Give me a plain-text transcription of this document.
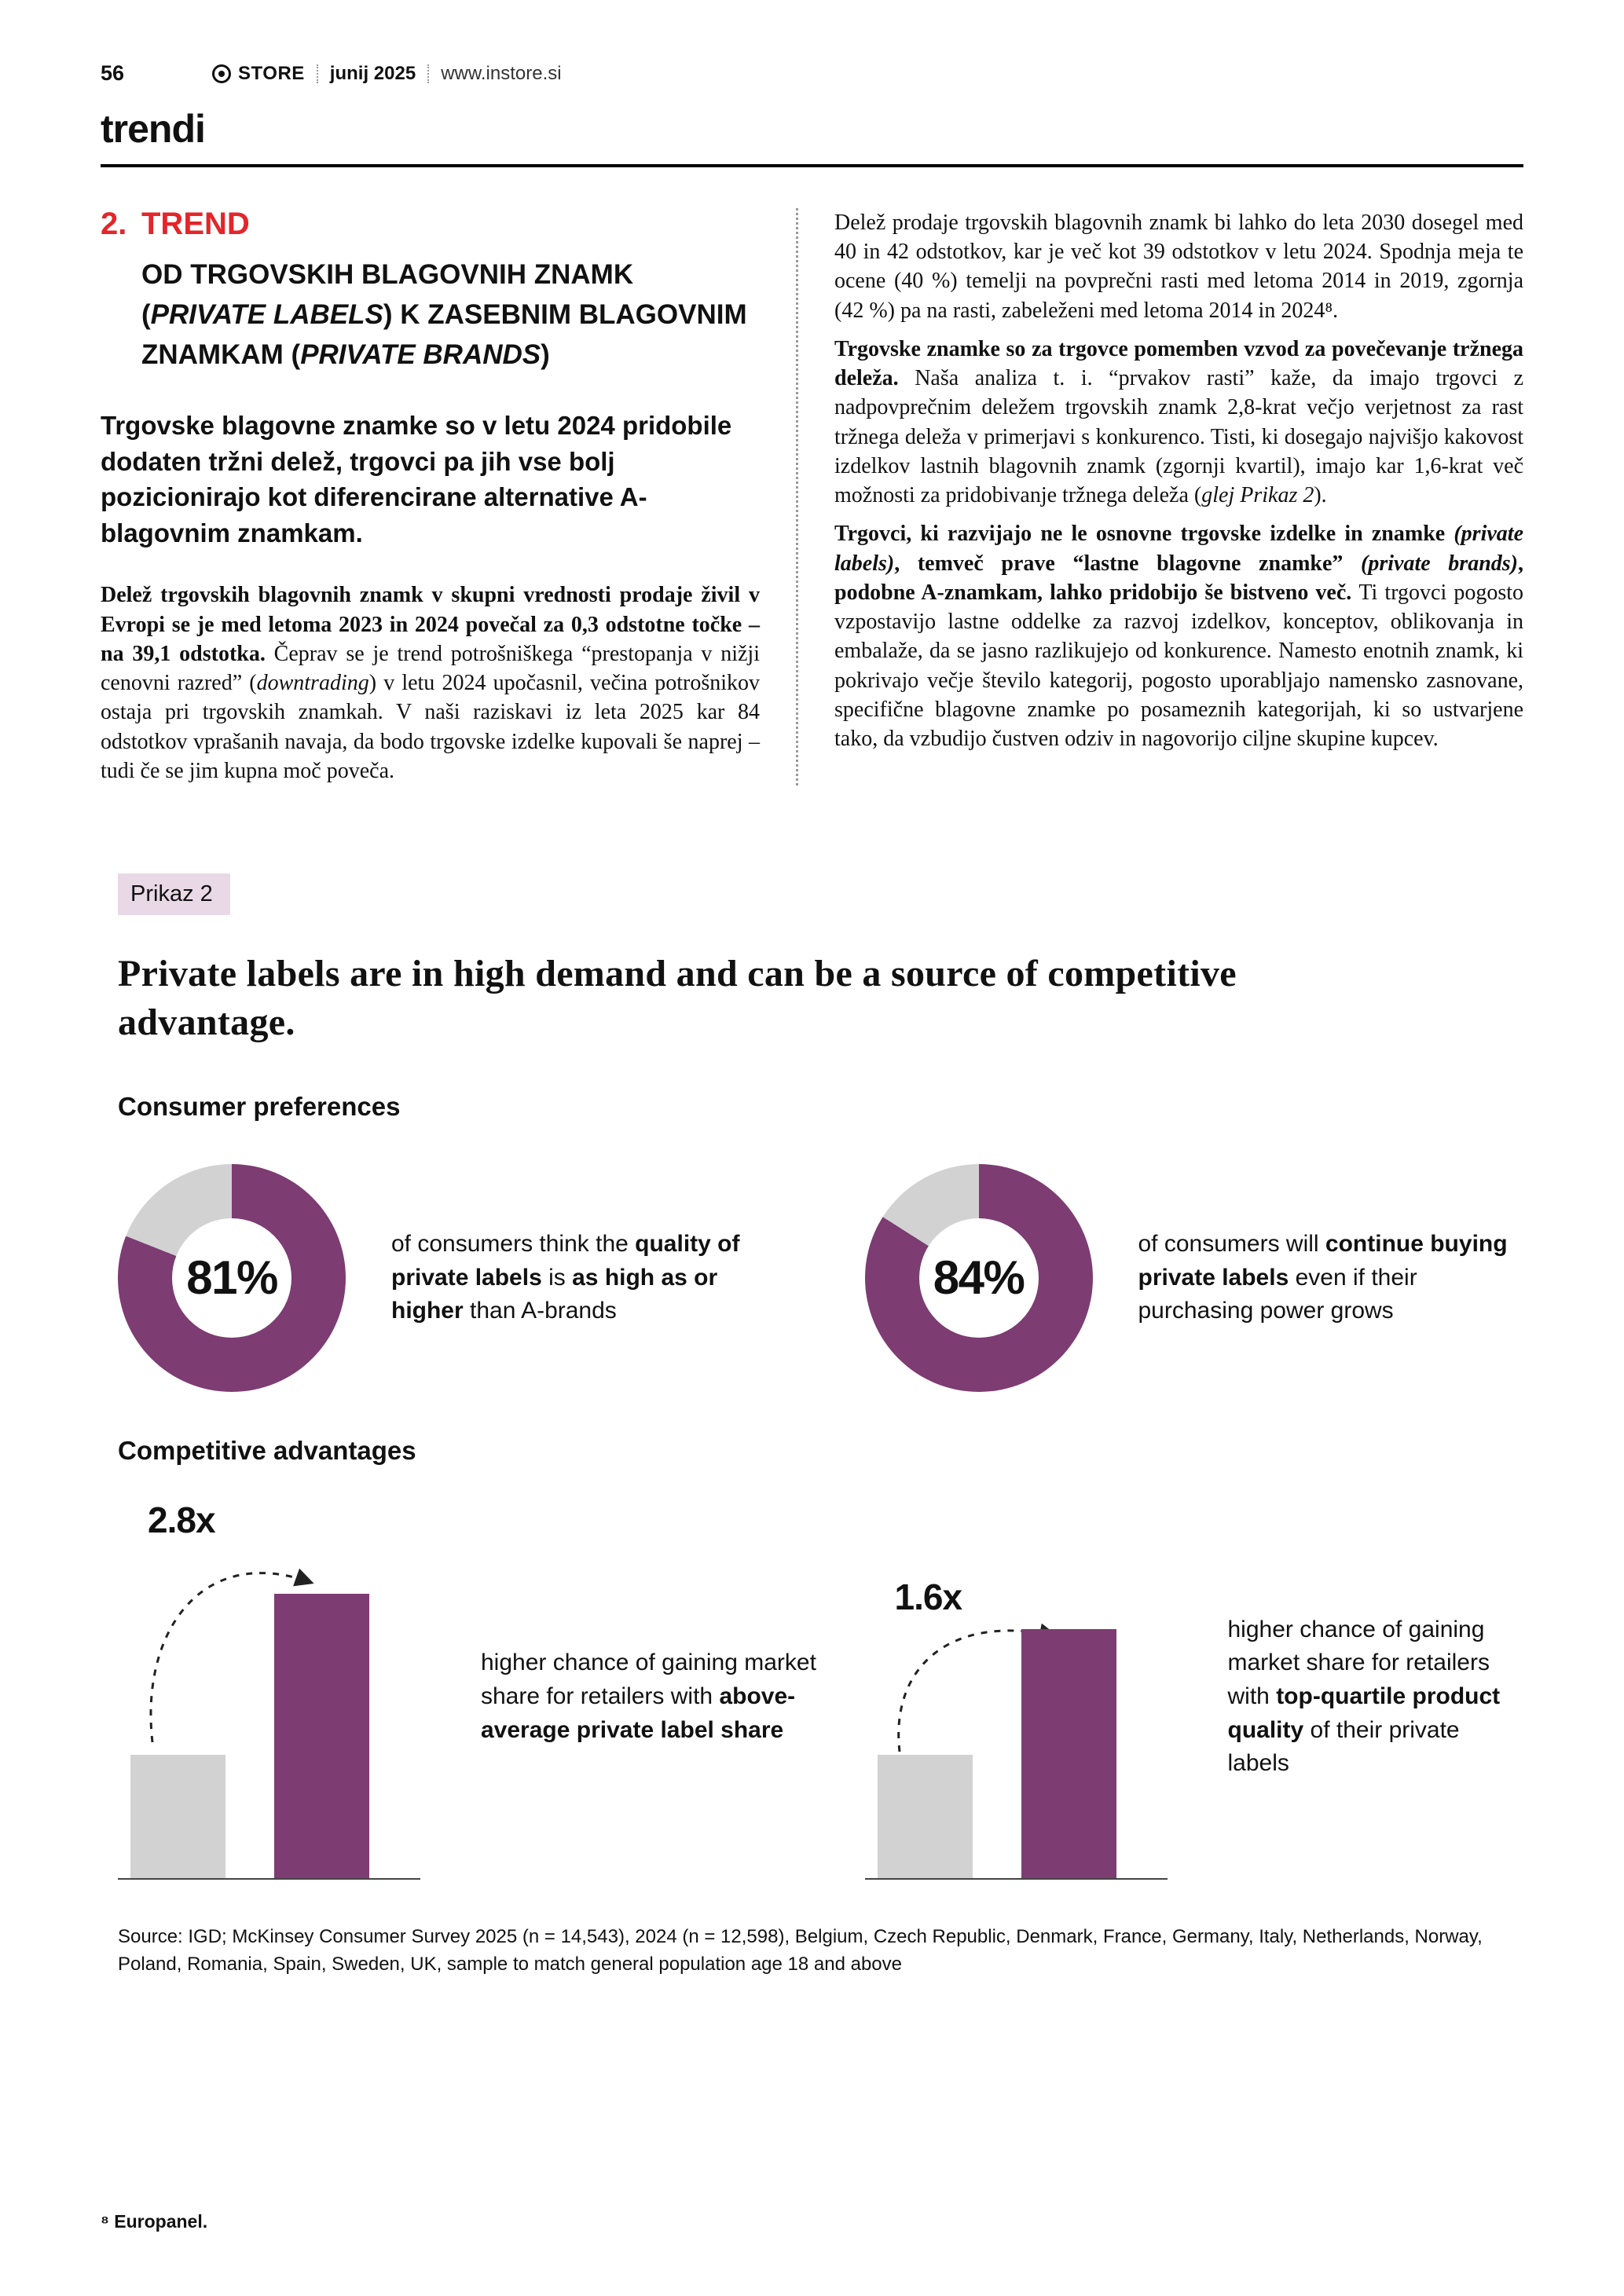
56	STORE junij 2025 www.instore.si
trendi
2. TREND
OD TRGOVSKIH BLAGOVNIH ZNAMK (PRIVATE LABELS) K ZASEBNIM BLAGOVNIM ZNAMKAM (PRIVATE BRANDS)

Trgovske blagovne znamke so v letu 2024 pridobile dodaten tržni delež, trgovci pa jih vse bolj pozicionirajo kot diferencirane alternative A-blagovnim znamkam.

Delež trgovskih blagovnih znamk v skupni vrednosti prodaje živil v Evropi se je med letoma 2023 in 2024 povečal za 0,3 odstotne točke – na 39,1 odstotka. Čeprav se je trend potrošniškega “prestopanja v nižji cenovni razred” (downtrading) v letu 2024 upočasnil, večina potrošnikov ostaja pri trgovskih znamkah. V naši raziskavi iz leta 2025 kar 84 odstotkov vprašanih navaja, da bodo trgovske izdelke kupovali še naprej – tudi če se jim kupna moč poveča.

Delež prodaje trgovskih blagovnih znamk bi lahko do leta 2030 dosegel med 40 in 42 odstotkov, kar je več kot 39 odstotkov v letu 2024. Spodnja meja te ocene (40 %) temelji na povprečni rasti med letoma 2014 in 2019, zgornja (42 %) pa na rasti, zabeleženi med letoma 2014 in 2024⁸.

Trgovske znamke so za trgovce pomemben vzvod za povečevanje tržnega deleža. Naša analiza t. i. “prvakov rasti” kaže, da imajo trgovci z nadpovprečnim deležem trgovskih znamk 2,8-krat večjo verjetnost za rast tržnega deleža v primerjavi s konkurenco. Tisti, ki dosegajo najvišjo kakovost izdelkov lastnih blagovnih znamk (zgornji kvartil), imajo kar 1,6-krat več možnosti za pridobivanje tržnega deleža (glej Prikaz 2).

Trgovci, ki razvijajo ne le osnovne trgovske izdelke in znamke (private labels), temveč prave “lastne blagovne znamke” (private brands), podobne A-znamkam, lahko pridobijo še bistveno več. Ti trgovci pogosto vzpostavijo lastne oddelke za razvoj izdelkov, konceptov, oblikovanja in embalaže, da se jasno razlikujejo od konkurence. Namesto enotnih znamk, ki pokrivajo večje število kategorij, pogosto uporabljajo namensko zasnovane, specifične blagovne znamke po posameznih kategorijah, ki so ustvarjene tako, da vzbudijo čustven odziv in nagovorijo ciljne skupine kupcev.

Prikaz 2
Private labels are in high demand and can be a source of competitive advantage.
Consumer preferences
81%

of consumers think the quality of private labels is as high as or higher than A-brands

84%

of consumers will continue buying private labels even if their purchasing power grows

Competitive advantages
2.8x

higher chance of gaining market share for retailers with above-average private label share

1.6x

higher chance of gaining market share for retailers with top-quartile product quality of their private labels

Source: IGD; McKinsey Consumer Survey 2025 (n = 14,543), 2024 (n = 12,598), Belgium, Czech Republic, Denmark, France, Germany, Italy, Netherlands, Norway, Poland, Romania, Spain, Sweden, UK, sample to match general population age 18 and above

⁸ Europanel.
